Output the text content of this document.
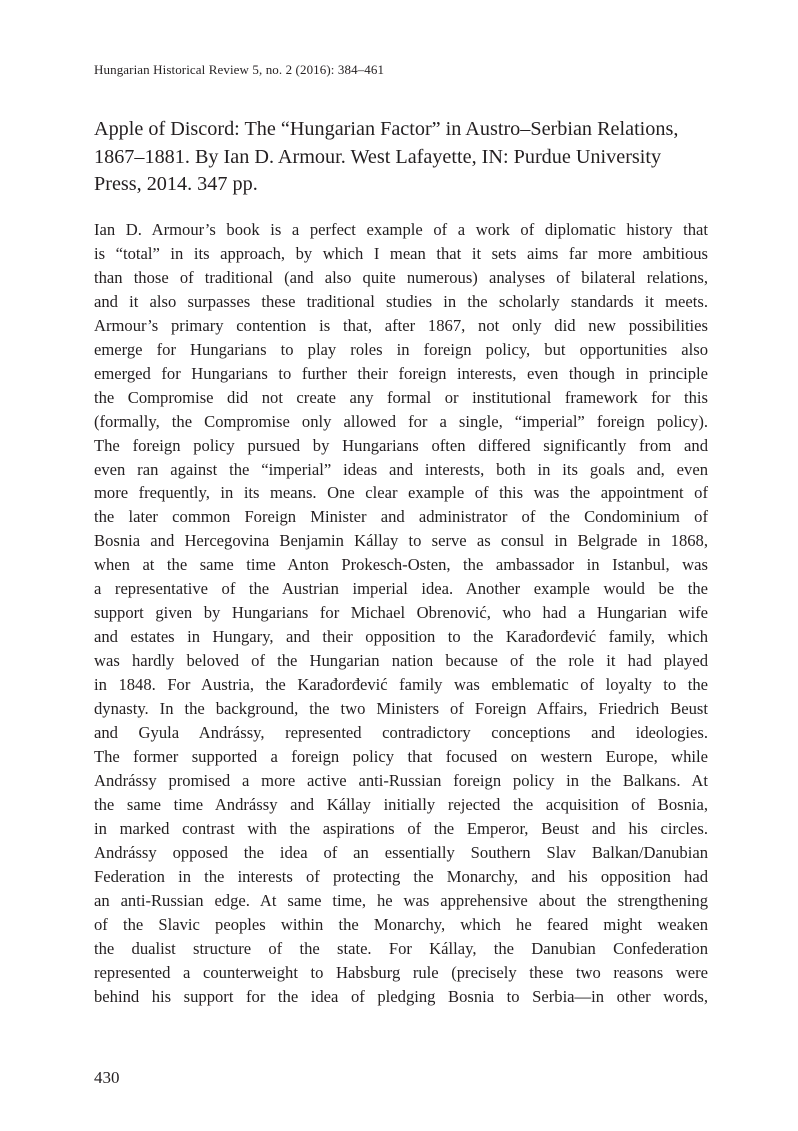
Hungarian Historical Review 5, no. 2 (2016): 384–461
Apple of Discord: The “Hungarian Factor” in Austro–Serbian Relations,
1867–1881. By Ian D. Armour. West Lafayette, IN: Purdue University
Press, 2014. 347 pp.
Ian D. Armour’s book is a perfect example of a work of diplomatic history that
is “total” in its approach, by which I mean that it sets aims far more ambitious
than those of traditional (and also quite numerous) analyses of bilateral relations,
and it also surpasses these traditional studies in the scholarly standards it meets.
Armour’s primary contention is that, after 1867, not only did new possibilities
emerge for Hungarians to play roles in foreign policy, but opportunities also
emerged for Hungarians to further their foreign interests, even though in principle
the Compromise did not create any formal or institutional framework for this
(formally, the Compromise only allowed for a single, “imperial” foreign policy).
The foreign policy pursued by Hungarians often differed significantly from and
even ran against the “imperial” ideas and interests, both in its goals and, even
more frequently, in its means. One clear example of this was the appointment of
the later common Foreign Minister and administrator of the Condominium of
Bosnia and Hercegovina Benjamin Kállay to serve as consul in Belgrade in 1868,
when at the same time Anton Prokesch-Osten, the ambassador in Istanbul, was
a representative of the Austrian imperial idea. Another example would be the
support given by Hungarians for Michael Obrenović, who had a Hungarian wife
and estates in Hungary, and their opposition to the Karađorđević family, which
was hardly beloved of the Hungarian nation because of the role it had played
in 1848. For Austria, the Karađorđević family was emblematic of loyalty to the
dynasty. In the background, the two Ministers of Foreign Affairs, Friedrich Beust
and Gyula Andrássy, represented contradictory conceptions and ideologies.
The former supported a foreign policy that focused on western Europe, while
Andrássy promised a more active anti-Russian foreign policy in the Balkans. At
the same time Andrássy and Kállay initially rejected the acquisition of Bosnia,
in marked contrast with the aspirations of the Emperor, Beust and his circles.
Andrássy opposed the idea of an essentially Southern Slav Balkan/Danubian
Federation in the interests of protecting the Monarchy, and his opposition had
an anti-Russian edge. At same time, he was apprehensive about the strengthening
of the Slavic peoples within the Monarchy, which he feared might weaken
the dualist structure of the state. For Kállay, the Danubian Confederation
represented a counterweight to Habsburg rule (precisely these two reasons were
behind his support for the idea of pledging Bosnia to Serbia—in other words,
430
